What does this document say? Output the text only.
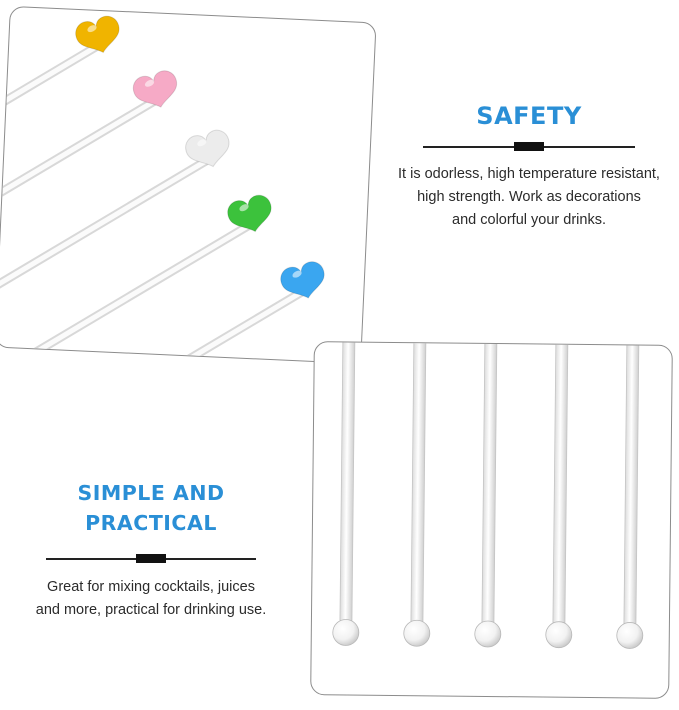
SAFETY

It is odorless, high temperature resistant,
high strength. Work as decorations
and colorful your drinks.

SIMPLE AND PRACTICAL

Great for mixing cocktails, juices
and more, practical for drinking use.
